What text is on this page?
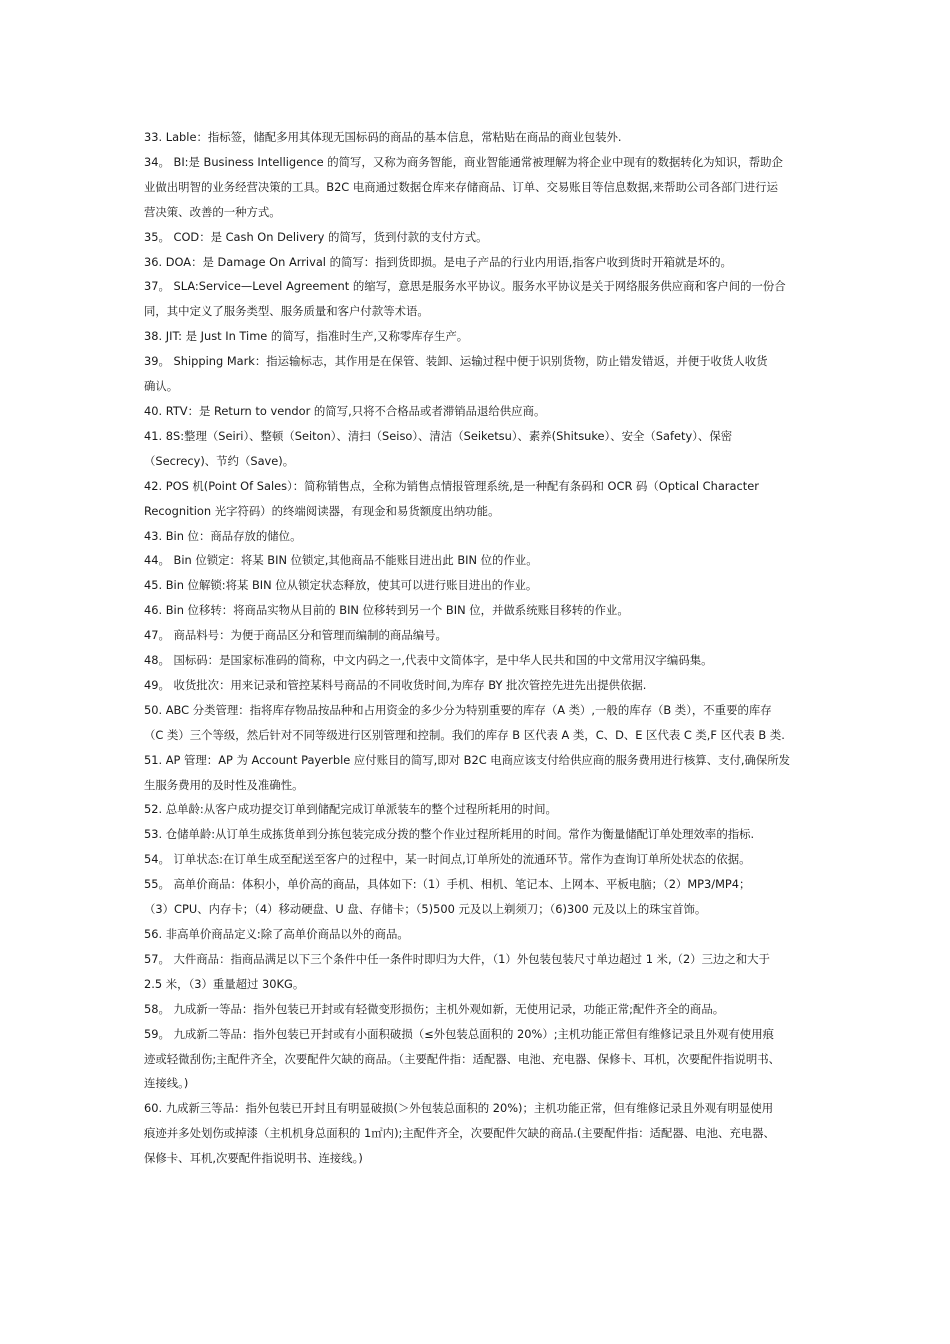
33. Lable：指标签，储配多用其体现无国标码的商品的基本信息，常粘贴在商品的商业包装外.
34。 BI:是 Business Intelligence 的简写，又称为商务智能，商业智能通常被理解为将企业中现有的数据转化为知识，帮助企
业做出明智的业务经营决策的工具。B2C 电商通过数据仓库来存储商品、订单、交易账目等信息数据,来帮助公司各部门进行运
营决策、改善的一种方式。
35。 COD：是 Cash On Delivery 的简写，货到付款的支付方式。
36. DOA：是 Damage On Arrival 的简写：指到货即损。是电子产品的行业内用语,指客户收到货时开箱就是坏的。
37。 SLA:Service—Level Agreement 的缩写，意思是服务水平协议。服务水平协议是关于网络服务供应商和客户间的一份合
同，其中定义了服务类型、服务质量和客户付款等术语。
38. JIT: 是 Just In Time 的简写，指准时生产,又称零库存生产。
39。 Shipping Mark：指运输标志，其作用是在保管、装卸、运输过程中便于识别货物，防止错发错返，并便于收货人收货
确认。
40. RTV：是 Return to vendor 的简写,只将不合格品或者滞销品退给供应商。
41. 8S:整理（Seiri）、整顿（Seiton）、清扫（Seiso）、清洁（Seiketsu）、素养(Shitsuke）、安全（Safety）、保密
（Secrecy)、节约（Save)。
42. POS 机(Point Of Sales）：简称销售点，全称为销售点情报管理系统,是一种配有条码和 OCR 码（Optical Character
Recognition 光字符码）的终端阅读器，有现金和易货额度出纳功能。
43. Bin 位：商品存放的储位。
44。 Bin 位锁定：将某 BIN 位锁定,其他商品不能账目进出此 BIN 位的作业。
45. Bin 位解锁:将某 BIN 位从锁定状态释放，使其可以进行账目进出的作业。
46. Bin 位移转：将商品实物从目前的 BIN 位移转到另一个 BIN 位，并做系统账目移转的作业。
47。 商品料号：为便于商品区分和管理而编制的商品编号。
48。 国标码：是国家标准码的简称，中文内码之一,代表中文简体字，是中华人民共和国的中文常用汉字编码集。
49。 收货批次：用来记录和管控某料号商品的不同收货时间,为库存 BY 批次管控先进先出提供依据.
50. ABC 分类管理：指将库存物品按品种和占用资金的多少分为特别重要的库存（A 类）,一般的库存（B 类），不重要的库存
（C 类）三个等级，然后针对不同等级进行区别管理和控制。我们的库存 B 区代表 A 类，C、D、E 区代表 C 类,F 区代表 B 类.
51. AP 管理：AP 为 Account Payerble 应付账目的简写,即对 B2C 电商应该支付给供应商的服务费用进行核算、支付,确保所发
生服务费用的及时性及准确性。
52. 总单龄:从客户成功提交订单到储配完成订单派装车的整个过程所耗用的时间。
53. 仓储单龄:从订单生成拣货单到分拣包装完成分拨的整个作业过程所耗用的时间。常作为衡量储配订单处理效率的指标.
54。 订单状态:在订单生成至配送至客户的过程中，某一时间点,订单所处的流通环节。常作为查询订单所处状态的依据。
55。 高单价商品：体积小，单价高的商品，具体如下:（1）手机、相机、笔记本、上网本、平板电脑；（2）MP3/MP4；
（3）CPU、内存卡；（4）移动硬盘、U 盘、存储卡；（5)500 元及以上剃须刀；（6)300 元及以上的珠宝首饰。
56. 非高单价商品定义:除了高单价商品以外的商品。
57。 大件商品：指商品满足以下三个条件中任一条件时即归为大件，（1）外包装包装尺寸单边超过 1 米,（2）三边之和大于
2.5 米，（3）重量超过 30KG。
58。 九成新一等品：指外包装已开封或有轻微变形损伤；主机外观如新，无使用记录，功能正常;配件齐全的商品。
59。 九成新二等品：指外包装已开封或有小面积破损（≤外包装总面积的 20%）;主机功能正常但有维修记录且外观有使用痕
迹或轻微刮伤;主配件齐全，次要配件欠缺的商品。（主要配件指：适配器、电池、充电器、保修卡、耳机，次要配件指说明书、
连接线。)
60. 九成新三等品：指外包装已开封且有明显破损(＞外包装总面积的 20%)；主机功能正常，但有维修记录且外观有明显使用
痕迹并多处划伤或掉漆（主机机身总面积的 1㎡内);主配件齐全，次要配件欠缺的商品.(主要配件指：适配器、电池、充电器、
保修卡、耳机,次要配件指说明书、连接线。)
